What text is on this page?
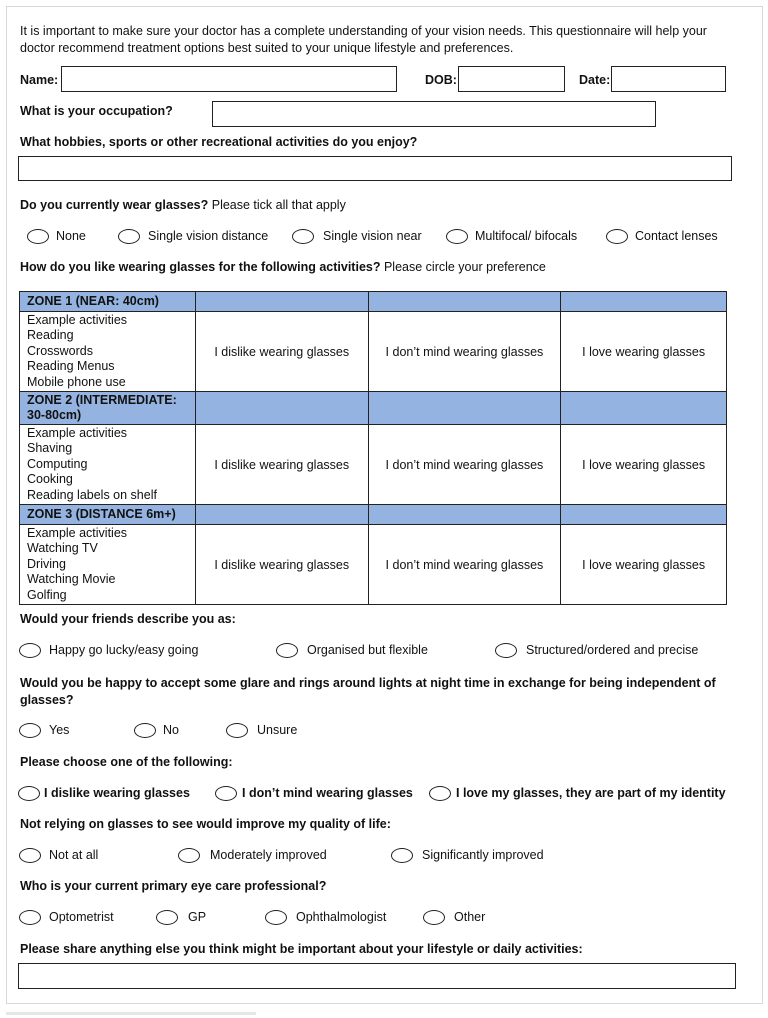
It is important to make sure your doctor has a complete understanding of your vision needs. This questionnaire will help your doctor recommend treatment options best suited to your unique lifestyle and preferences.
Name:	DOB:	Date:
What is your occupation?
What hobbies, sports or other recreational activities do you enjoy?
Do you currently wear glasses? Please tick all that apply
None	Single vision distance	Single vision near	Multifocal/ bifocals	Contact lenses
How do you like wearing glasses for the following activities? Please circle your preference
ZONE 1 (NEAR: 40cm)			

Example activities
Reading
Crosswords
Reading Menus
Mobile phone use	I dislike wearing glasses	I don’t mind wearing glasses	I love wearing glasses
ZONE 2 (INTERMEDIATE: 30-80cm)			

Example activities
Shaving
Computing
Cooking
Reading labels on shelf	I dislike wearing glasses	I don’t mind wearing glasses	I love wearing glasses
ZONE 3 (DISTANCE 6m+)			

Example activities
Watching TV
Driving
Watching Movie
Golfing	I dislike wearing glasses	I don’t mind wearing glasses	I love wearing glasses
Would your friends describe you as:
Happy go lucky/easy going	Organised but flexible	Structured/ordered and precise
Would you be happy to accept some glare and rings around lights at night time in exchange for being independent of glasses?
Yes	No	Unsure
Please choose one of the following:
I dislike wearing glasses	I don’t mind wearing glasses	I love my glasses, they are part of my identity
Not relying on glasses to see would improve my quality of life:
Not at all	Moderately improved	Significantly improved
Who is your current primary eye care professional?
Optometrist	GP	Ophthalmologist	Other
Please share anything else you think might be important about your lifestyle or daily activities:
